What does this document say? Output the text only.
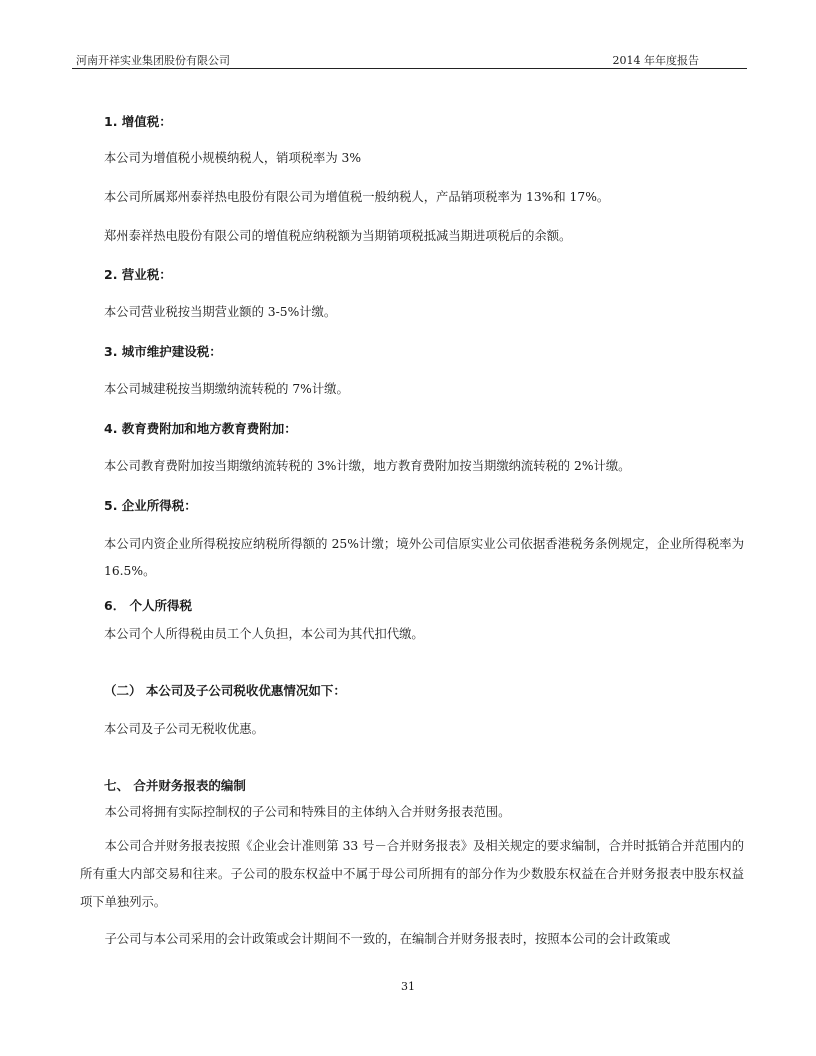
河南开祥实业集团股份有限公司	2014 年年度报告
1. 增值税：
本公司为增值税小规模纳税人，销项税率为 3%
本公司所属郑州泰祥热电股份有限公司为增值税一般纳税人，产品销项税率为 13%和 17%。
郑州泰祥热电股份有限公司的增值税应纳税额为当期销项税抵减当期进项税后的余额。
2. 营业税：
本公司营业税按当期营业额的 3-5%计缴。
3. 城市维护建设税：
本公司城建税按当期缴纳流转税的 7%计缴。
4. 教育费附加和地方教育费附加：
本公司教育费附加按当期缴纳流转税的 3%计缴，地方教育费附加按当期缴纳流转税的 2%计缴。
5. 企业所得税：
本公司内资企业所得税按应纳税所得额的 25%计缴；境外公司信原实业公司依据香港税务条例规定，企业所得税率为 16.5%。
6． 个人所得税
本公司个人所得税由员工个人负担，本公司为其代扣代缴。
（二） 本公司及子公司税收优惠情况如下：
本公司及子公司无税收优惠。
七、 合并财务报表的编制
本公司将拥有实际控制权的子公司和特殊目的主体纳入合并财务报表范围。
本公司合并财务报表按照《企业会计准则第 33 号－合并财务报表》及相关规定的要求编制，合并时抵销合并范围内的所有重大内部交易和往来。子公司的股东权益中不属于母公司所拥有的部分作为少数股东权益在合并财务报表中股东权益项下单独列示。
子公司与本公司采用的会计政策或会计期间不一致的，在编制合并财务报表时，按照本公司的会计政策或
31
